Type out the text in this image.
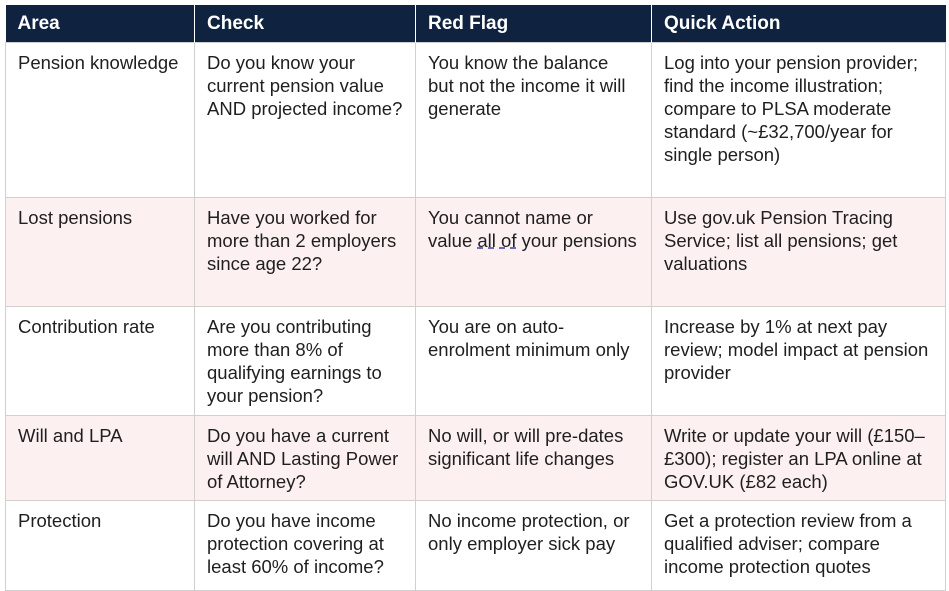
Area	Check	Red Flag	Quick Action
Pension knowledge	Do you know your current pension value AND projected income?	You know the balance but not the income it will generate	Log into your pension provider; find the income illustration; compare to PLSA moderate standard (~£32,700/year for single person)
Lost pensions	Have you worked for more than 2 employers since age 22?	You cannot name or value all of your pensions	Use gov.uk Pension Tracing Service; list all pensions; get valuations
Contribution rate	Are you contributing more than 8% of qualifying earnings to your pension?	You are on auto-enrolment minimum only	Increase by 1% at next pay review; model impact at pension provider
Will and LPA	Do you have a current will AND Lasting Power of Attorney?	No will, or will pre-dates significant life changes	Write or update your will (£150–£300); register an LPA online at GOV.UK (£82 each)
Protection	Do you have income protection covering at least 60% of income?	No income protection, or only employer sick pay	Get a protection review from a qualified adviser; compare income protection quotes
